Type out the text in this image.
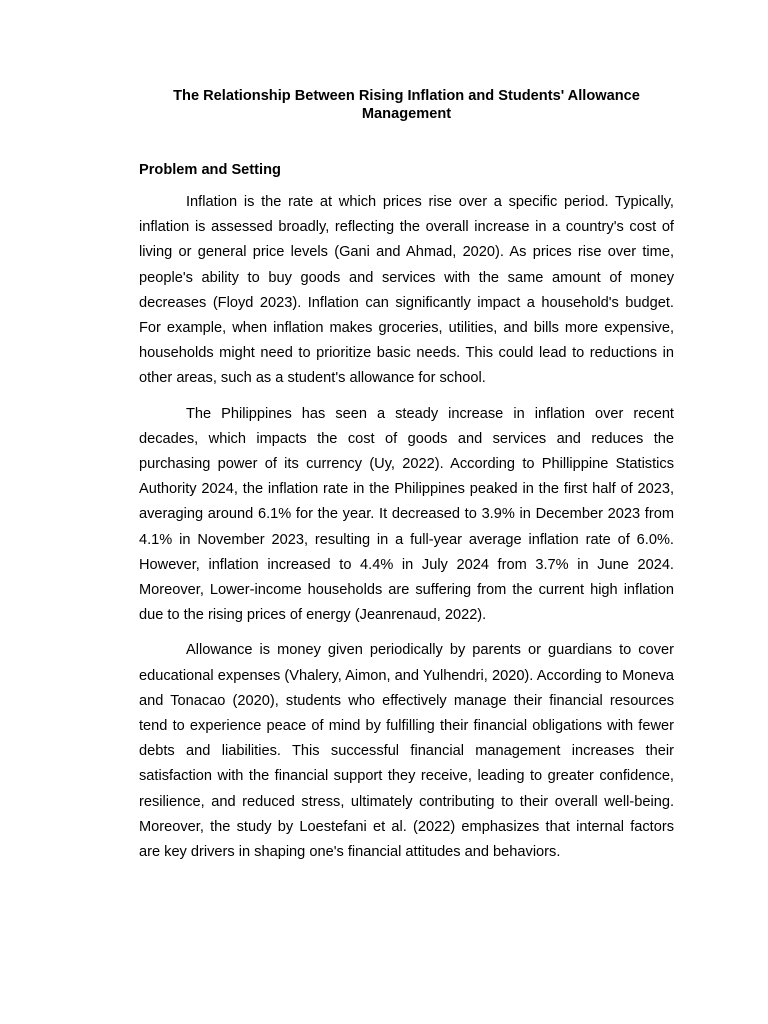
The Relationship Between Rising Inflation and Students' Allowance Management
Problem and Setting

Inflation is the rate at which prices rise over a specific period. Typically, inflation is assessed broadly, reflecting the overall increase in a country's cost of living or general price levels (Gani and Ahmad, 2020). As prices rise over time, people's ability to buy goods and services with the same amount of money decreases (Floyd 2023). Inflation can significantly impact a household's budget. For example, when inflation makes groceries, utilities, and bills more expensive, households might need to prioritize basic needs. This could lead to reductions in other areas, such as a student's allowance for school.

The Philippines has seen a steady increase in inflation over recent decades, which impacts the cost of goods and services and reduces the purchasing power of its currency (Uy, 2022). According to Phillippine Statistics Authority 2024, the inflation rate in the Philippines peaked in the first half of 2023, averaging around 6.1% for the year. It decreased to 3.9% in December 2023 from 4.1% in November 2023, resulting in a full-year average inflation rate of 6.0%. However, inflation increased to 4.4% in July 2024 from 3.7% in June 2024. Moreover, Lower-income households are suffering from the current high inflation due to the rising prices of energy (Jeanrenaud, 2022).

Allowance is money given periodically by parents or guardians to cover educational expenses (Vhalery, Aimon, and Yulhendri, 2020). According to Moneva and Tonacao (2020), students who effectively manage their financial resources tend to experience peace of mind by fulfilling their financial obligations with fewer debts and liabilities. This successful financial management increases their satisfaction with the financial support they receive, leading to greater confidence, resilience, and reduced stress, ultimately contributing to their overall well-being. Moreover, the study by Loestefani et al. (2022) emphasizes that internal factors are key drivers in shaping one's financial attitudes and behaviors.
